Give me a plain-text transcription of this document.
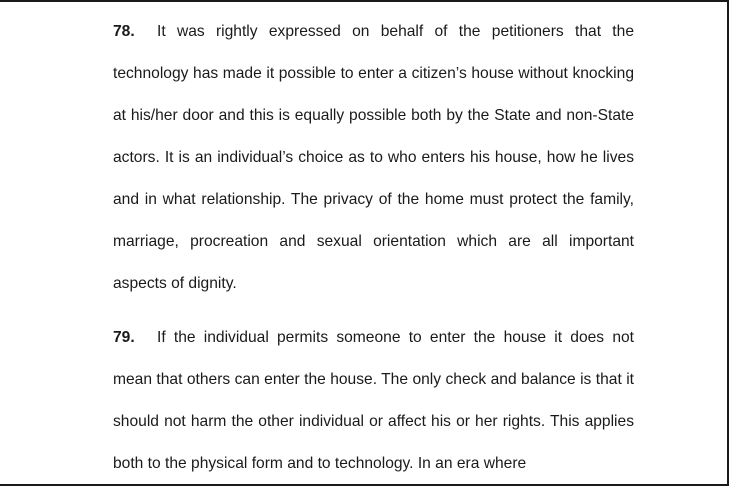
78. It was rightly expressed on behalf of the petitioners that the technology has made it possible to enter a citizen’s house without knocking at his/her door and this is equally possible both by the State and non-State actors. It is an individual’s choice as to who enters his house, how he lives and in what relationship. The privacy of the home must protect the family, marriage, procreation and sexual orientation which are all important aspects of dignity.

79. If the individual permits someone to enter the house it does not mean that others can enter the house. The only check and balance is that it should not harm the other individual or affect his or her rights. This applies both to the physical form and to technology. In an era where
